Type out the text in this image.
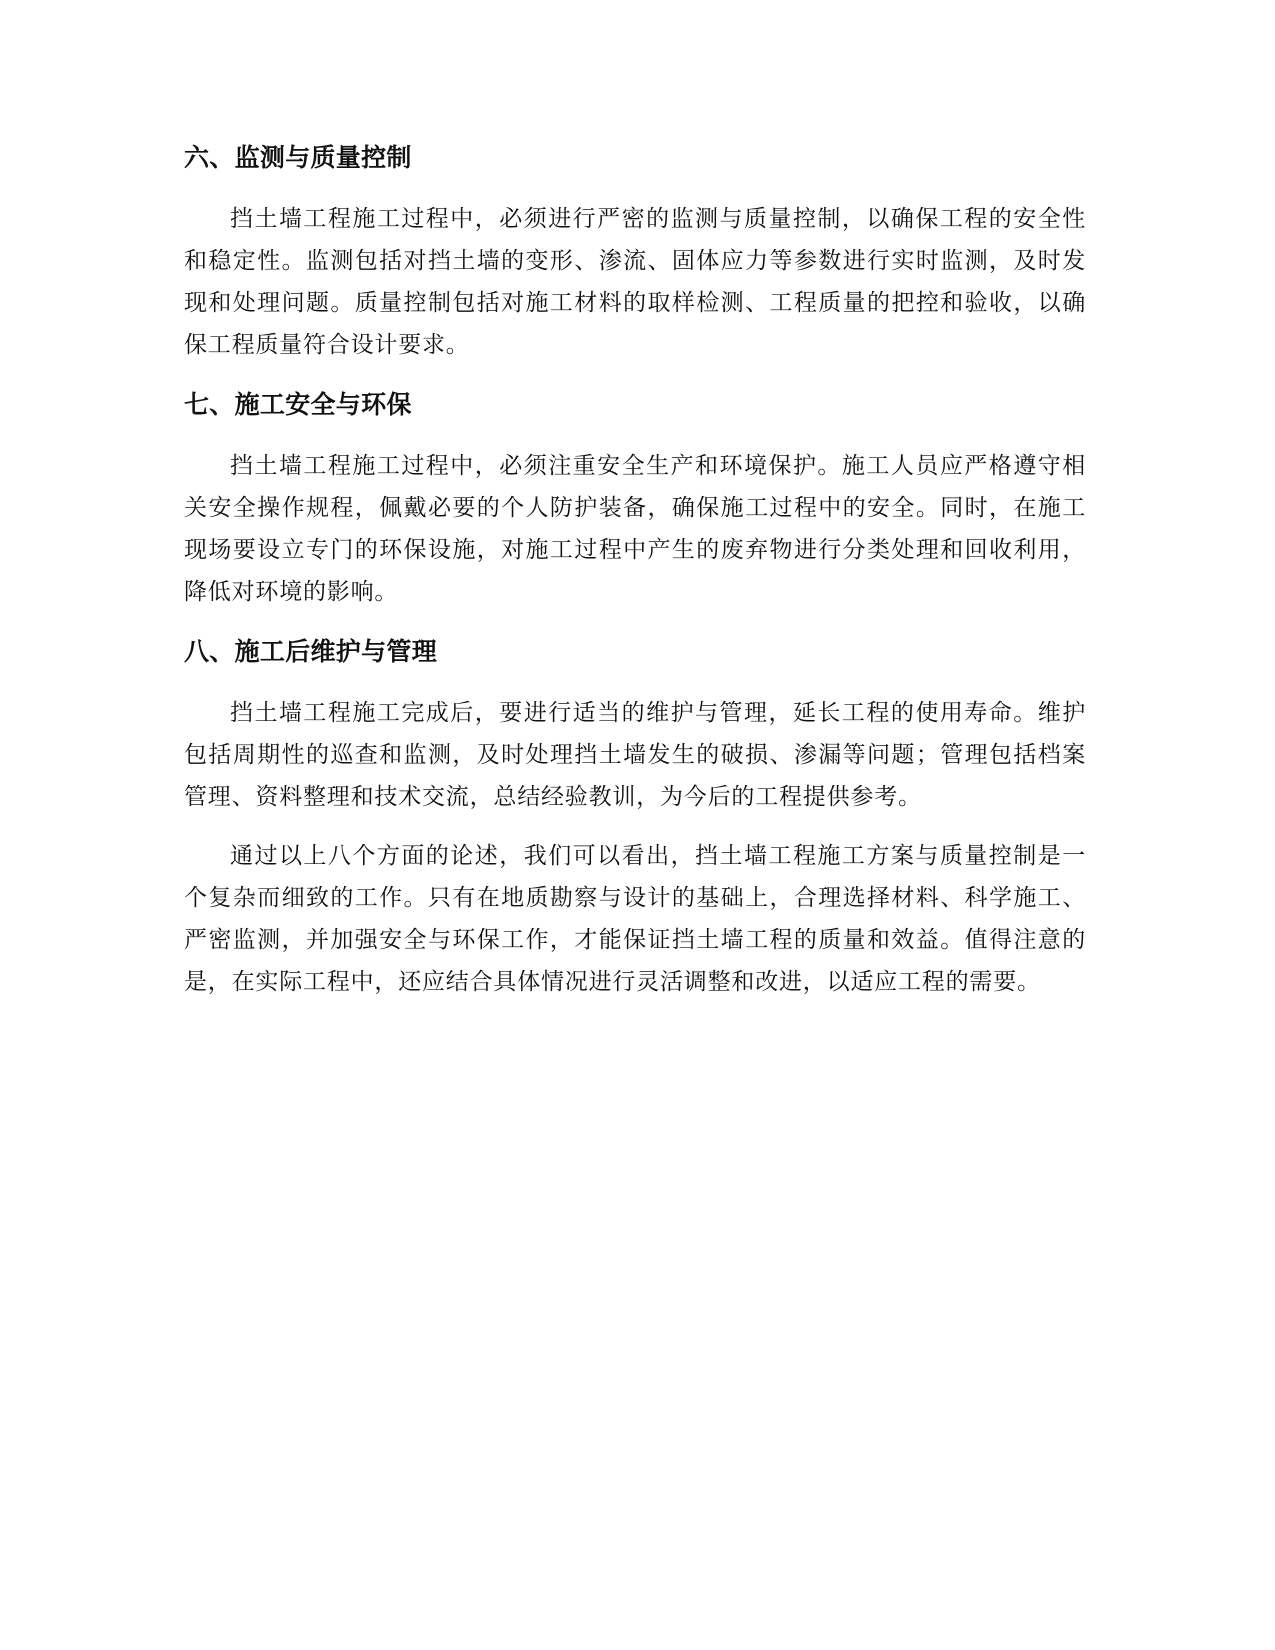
六、监测与质量控制

挡土墙工程施工过程中，必须进行严密的监测与质量控制，以确保工程的安全性和稳定性。监测包括对挡土墙的变形、渗流、固体应力等参数进行实时监测，及时发现和处理问题。质量控制包括对施工材料的取样检测、工程质量的把控和验收，以确保工程质量符合设计要求。

七、施工安全与环保

挡土墙工程施工过程中，必须注重安全生产和环境保护。施工人员应严格遵守相关安全操作规程，佩戴必要的个人防护装备，确保施工过程中的安全。同时，在施工现场要设立专门的环保设施，对施工过程中产生的废弃物进行分类处理和回收利用，降低对环境的影响。

八、施工后维护与管理

挡土墙工程施工完成后，要进行适当的维护与管理，延长工程的使用寿命。维护包括周期性的巡查和监测，及时处理挡土墙发生的破损、渗漏等问题；管理包括档案管理、资料整理和技术交流，总结经验教训，为今后的工程提供参考。

通过以上八个方面的论述，我们可以看出，挡土墙工程施工方案与质量控制是一个复杂而细致的工作。只有在地质勘察与设计的基础上，合理选择材料、科学施工、严密监测，并加强安全与环保工作，才能保证挡土墙工程的质量和效益。值得注意的是，在实际工程中，还应结合具体情况进行灵活调整和改进，以适应工程的需要。
